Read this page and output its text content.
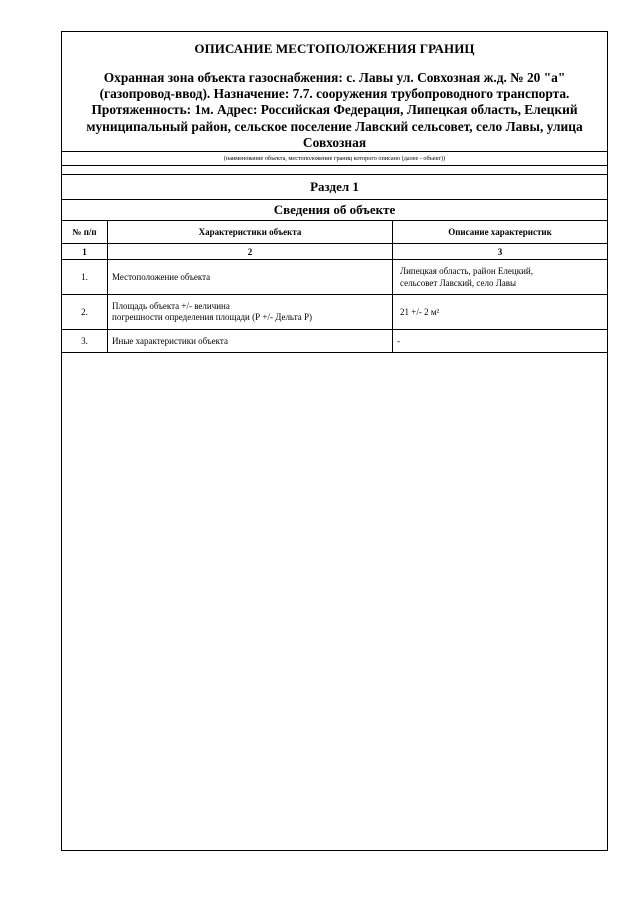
ОПИСАНИЕ МЕСТОПОЛОЖЕНИЯ ГРАНИЦ
Охранная зона объекта газоснабжения: с. Лавы ул. Совхозная ж.д. № 20 "а"
(газопровод-ввод). Назначение: 7.7. сооружения трубопроводного транспорта.
Протяженность: 1м. Адрес: Российская Федерация, Липецкая область, Елецкий
муниципальный район, сельское поселение Лавский сельсовет, село Лавы, улица
Совхозная
(наименование объекта, местоположение границ которого описано (далее - объект))
Раздел 1
Сведения об объекте
№ п/п	Характеристики объекта	Описание характеристик
1	2	3
1.	Местоположение объекта	Липецкая область, район Елецкий,
сельсовет Лавский, село Лавы

2.	Площадь объекта +/- величина
погрешности определения площади (Р +/- Дельта Р)	21 +/- 2 м²

3.	Иные характеристики объекта	-
